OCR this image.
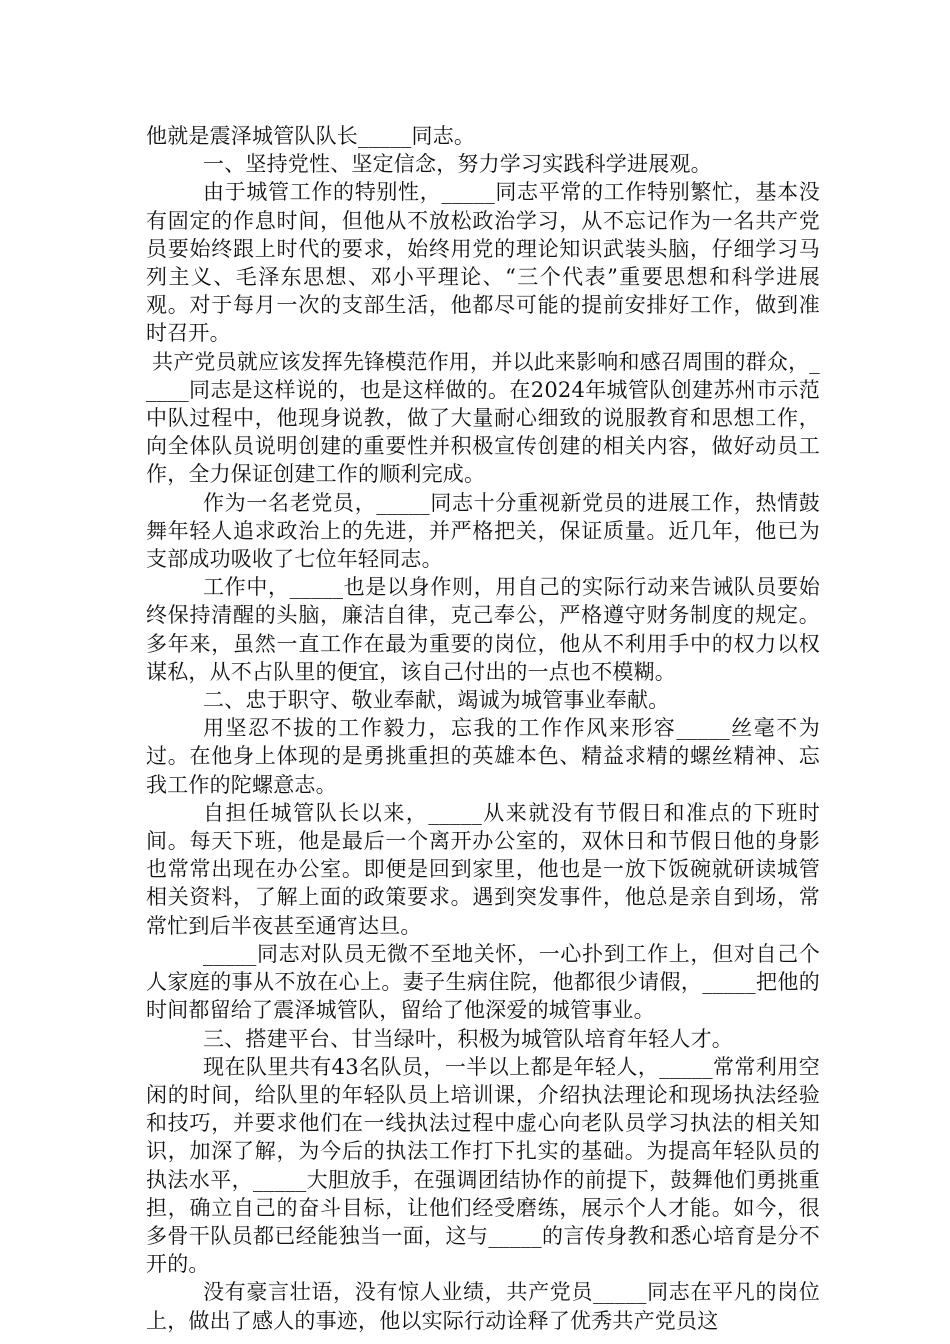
他就是震泽城管队队长_____同志。

一、坚持党性、坚定信念，努力学习实践科学进展观。

由于城管工作的特别性，_____同志平常的工作特别繁忙，基本没有固定的作息时间，但他从不放松政治学习，从不忘记作为一名共产党员要始终跟上时代的要求，始终用党的理论知识武装头脑，仔细学习马列主义、毛泽东思想、邓小平理论、“三个代表”重要思想和科学进展观。对于每月一次的支部生活，他都尽可能的提前安排好工作，做到准时召开。

共产党员就应该发挥先锋模范作用，并以此来影响和感召周围的群众，_____同志是这样说的，也是这样做的。在2024年城管队创建苏州市示范中队过程中，他现身说教，做了大量耐心细致的说服教育和思想工作，向全体队员说明创建的重要性并积极宣传创建的相关内容，做好动员工作，全力保证创建工作的顺利完成。

作为一名老党员，_____同志十分重视新党员的进展工作，热情鼓舞年轻人追求政治上的先进，并严格把关，保证质量。近几年，他已为支部成功吸收了七位年轻同志。

工作中，_____也是以身作则，用自己的实际行动来告诫队员要始终保持清醒的头脑，廉洁自律，克己奉公，严格遵守财务制度的规定。多年来，虽然一直工作在最为重要的岗位，他从不利用手中的权力以权谋私，从不占队里的便宜，该自己付出的一点也不模糊。

二、忠于职守、敬业奉献，竭诚为城管事业奉献。

用坚忍不拔的工作毅力，忘我的工作作风来形容_____丝毫不为过。在他身上体现的是勇挑重担的英雄本色、精益求精的螺丝精神、忘我工作的陀螺意志。

自担任城管队长以来，_____从来就没有节假日和准点的下班时间。每天下班，他是最后一个离开办公室的，双休日和节假日他的身影也常常出现在办公室。即便是回到家里，他也是一放下饭碗就研读城管相关资料，了解上面的政策要求。遇到突发事件，他总是亲自到场，常常忙到后半夜甚至通宵达旦。

_____同志对队员无微不至地关怀，一心扑到工作上，但对自己个人家庭的事从不放在心上。妻子生病住院，他都很少请假，_____把他的时间都留给了震泽城管队，留给了他深爱的城管事业。

三、搭建平台、甘当绿叶，积极为城管队培育年轻人才。

现在队里共有43名队员，一半以上都是年轻人，_____常常利用空闲的时间，给队里的年轻队员上培训课，介绍执法理论和现场执法经验和技巧，并要求他们在一线执法过程中虚心向老队员学习执法的相关知识，加深了解，为今后的执法工作打下扎实的基础。为提高年轻队员的执法水平，_____大胆放手，在强调团结协作的前提下，鼓舞他们勇挑重担，确立自己的奋斗目标，让他们经受磨练，展示个人才能。如今，很多骨干队员都已经能独当一面，这与_____的言传身教和悉心培育是分不开的。

没有豪言壮语，没有惊人业绩，共产党员_____同志在平凡的岗位上，做出了感人的事迹，他以实际行动诠释了优秀共产党员这
